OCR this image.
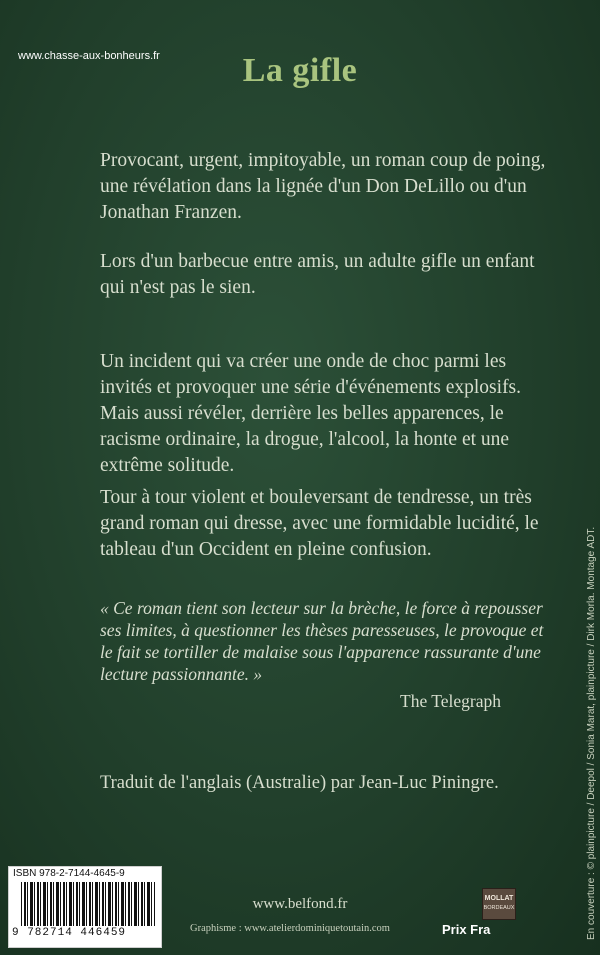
www.chasse-aux-bonheurs.fr	La gifle
Provocant, urgent, impitoyable, un roman coup de poing, une révélation dans la lignée d'un Don DeLillo ou d'un Jonathan Franzen.
Lors d'un barbecue entre amis, un adulte gifle un enfant qui n'est pas le sien.
Un incident qui va créer une onde de choc parmi les invités et provoquer une série d'événements explosifs. Mais aussi révéler, derrière les belles apparences, le racisme ordinaire, la drogue, l'alcool, la honte et une extrême solitude.
Tour à tour violent et bouleversant de tendresse, un très grand roman qui dresse, avec une formidable lucidité, le tableau d'un Occident en pleine confusion.
« Ce roman tient son lecteur sur la brèche, le force à repousser ses limites, à questionner les thèses paresseuses, le provoque et le fait se tortiller de malaise sous l'apparence rassurante d'une lecture passionnante. »
The Telegraph
Traduit de l'anglais (Australie) par Jean-Luc Piningre.	En couverture : © plainpicture / Deepol / Sonia Marat, plainpicture / Dirk Morla. Montage ADT.
ISBN 978-2-7144-4645-9
9 782714 446459
www.belfond.fr
Graphisme : www.atelierdominiquetoutain.com
MOLLAT
BORDEAUX
Prix Fra
